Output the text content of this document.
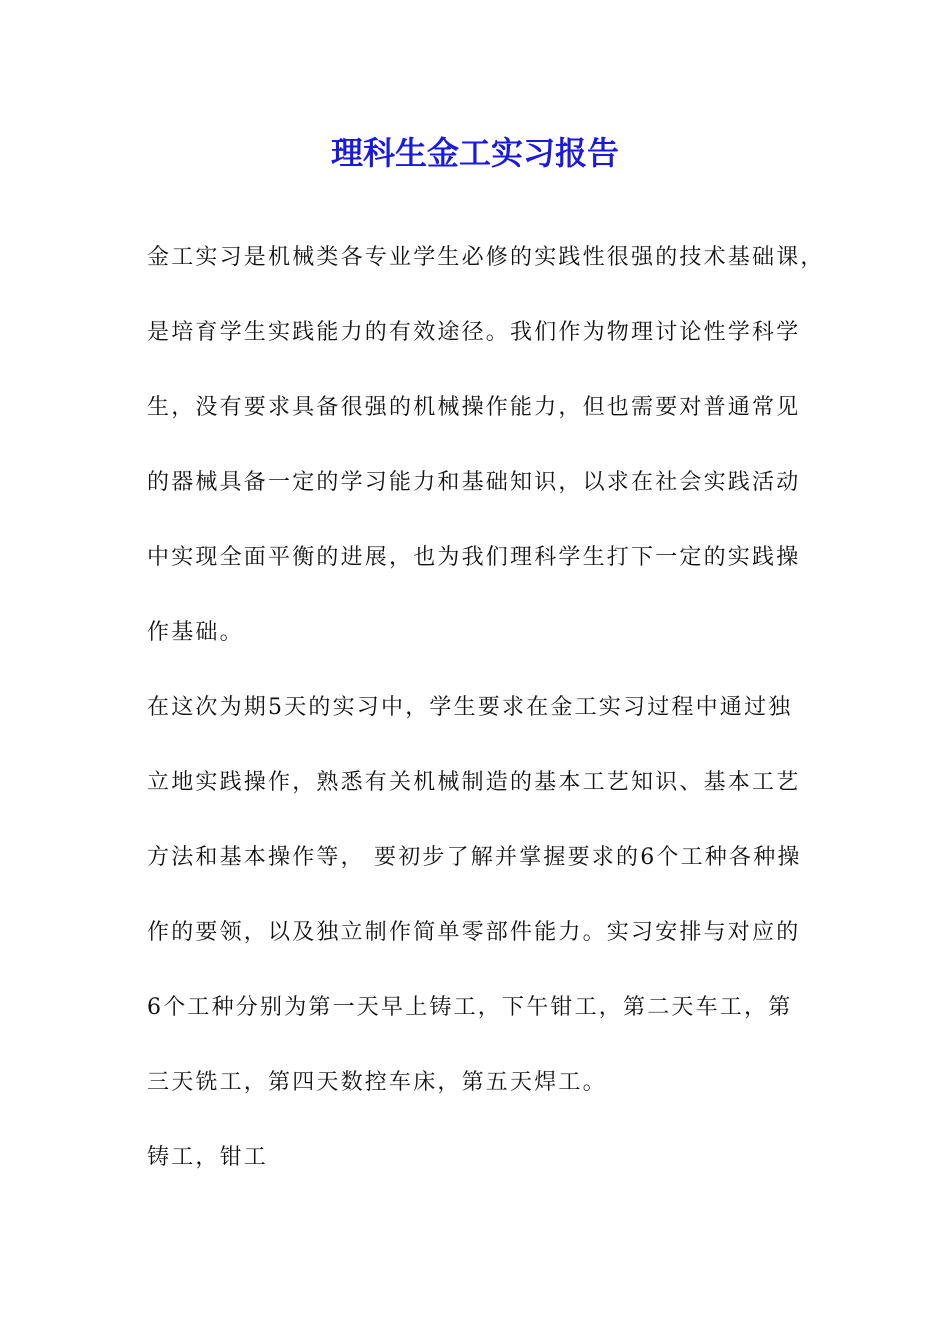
理科生金工实习报告
金工实习是机械类各专业学生必修的实践性很强的技术基础课，
是培育学生实践能力的有效途径。我们作为物理讨论性学科学
生，没有要求具备很强的机械操作能力，但也需要对普通常见
的器械具备一定的学习能力和基础知识，以求在社会实践活动
中实现全面平衡的进展，也为我们理科学生打下一定的实践操
作基础。
在这次为期5天的实习中，学生要求在金工实习过程中通过独
立地实践操作，熟悉有关机械制造的基本工艺知识、基本工艺
方法和基本操作等， 要初步了解并掌握要求的6个工种各种操
作的要领，以及独立制作简单零部件能力。实习安排与对应的
6个工种分别为第一天早上铸工，下午钳工，第二天车工，第
三天铣工，第四天数控车床，第五天焊工。
铸工，钳工
